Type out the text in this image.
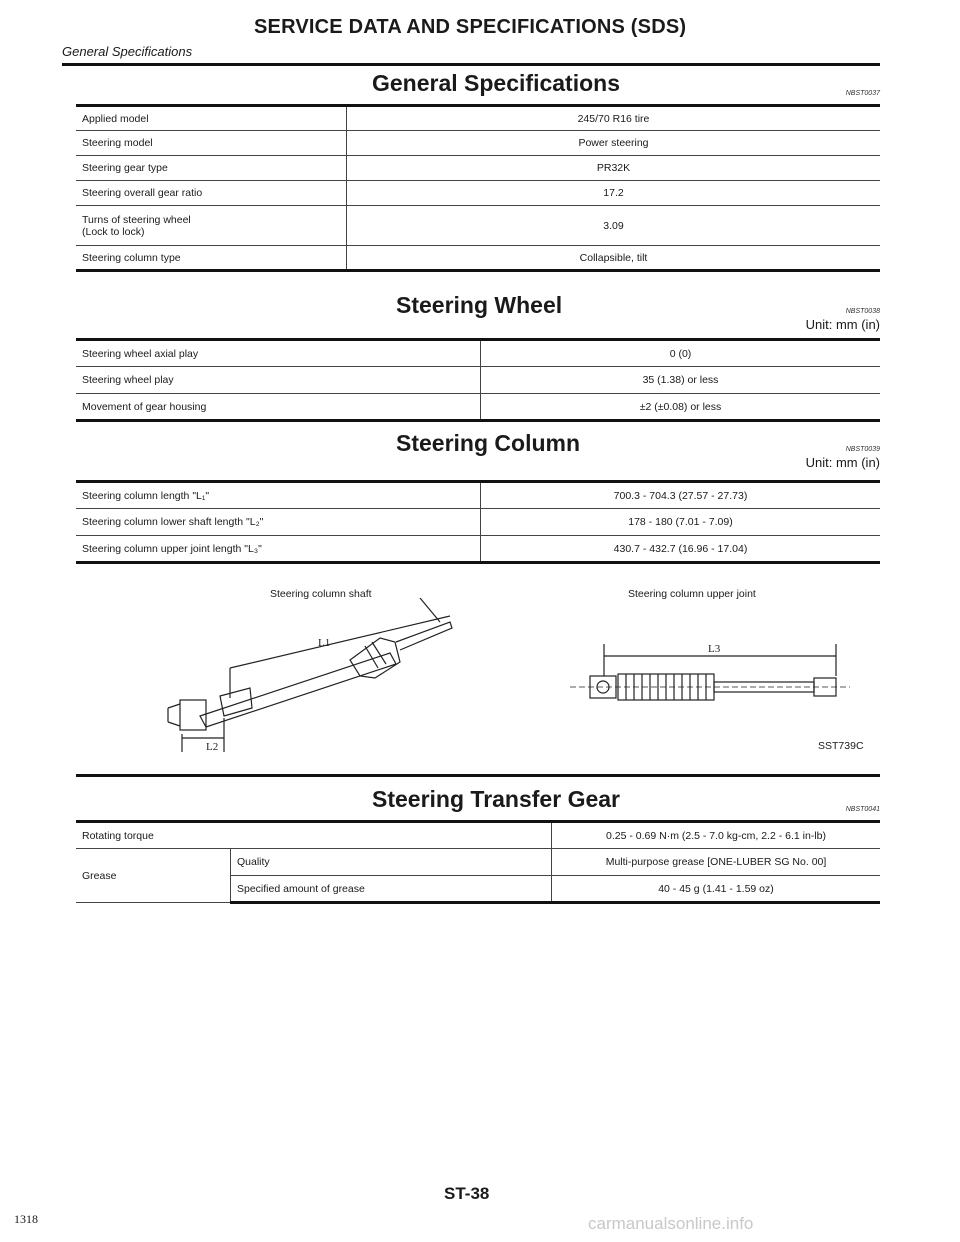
SERVICE DATA AND SPECIFICATIONS (SDS)
General Specifications
General Specifications	NBST0037
Applied model	245/70 R16 tire
Steering model	Power steering
Steering gear type	PR32K
Steering overall gear ratio	17.2
Turns of steering wheel
(Lock to lock)	3.09
Steering column type	Collapsible, tilt
Steering Wheel	NBST0038
Unit: mm (in)
Steering wheel axial play	0 (0)
Steering wheel play	35 (1.38) or less
Movement of gear housing	±2 (±0.08) or less
Steering Column	NBST0039
Unit: mm (in)
Steering column length "L₁"	700.3 - 704.3 (27.57 - 27.73)
Steering column lower shaft length "L₂"	178 - 180 (7.01 - 7.09)
Steering column upper joint length "L₃"	430.7 - 432.7 (16.96 - 17.04)
Steering column shaft	Steering column upper joint
L1
L2
L3
SST739C
Steering Transfer Gear	NBST0041
Rotating torque		0.25 - 0.69 N·m (2.5 - 7.0 kg-cm, 2.2 - 6.1 in-lb)
Grease	Quality	Multi-purpose grease [ONE-LUBER SG No. 00]
	Specified amount of grease	40 - 45 g (1.41 - 1.59 oz)
ST-38
1318	carmanualsonline.info
